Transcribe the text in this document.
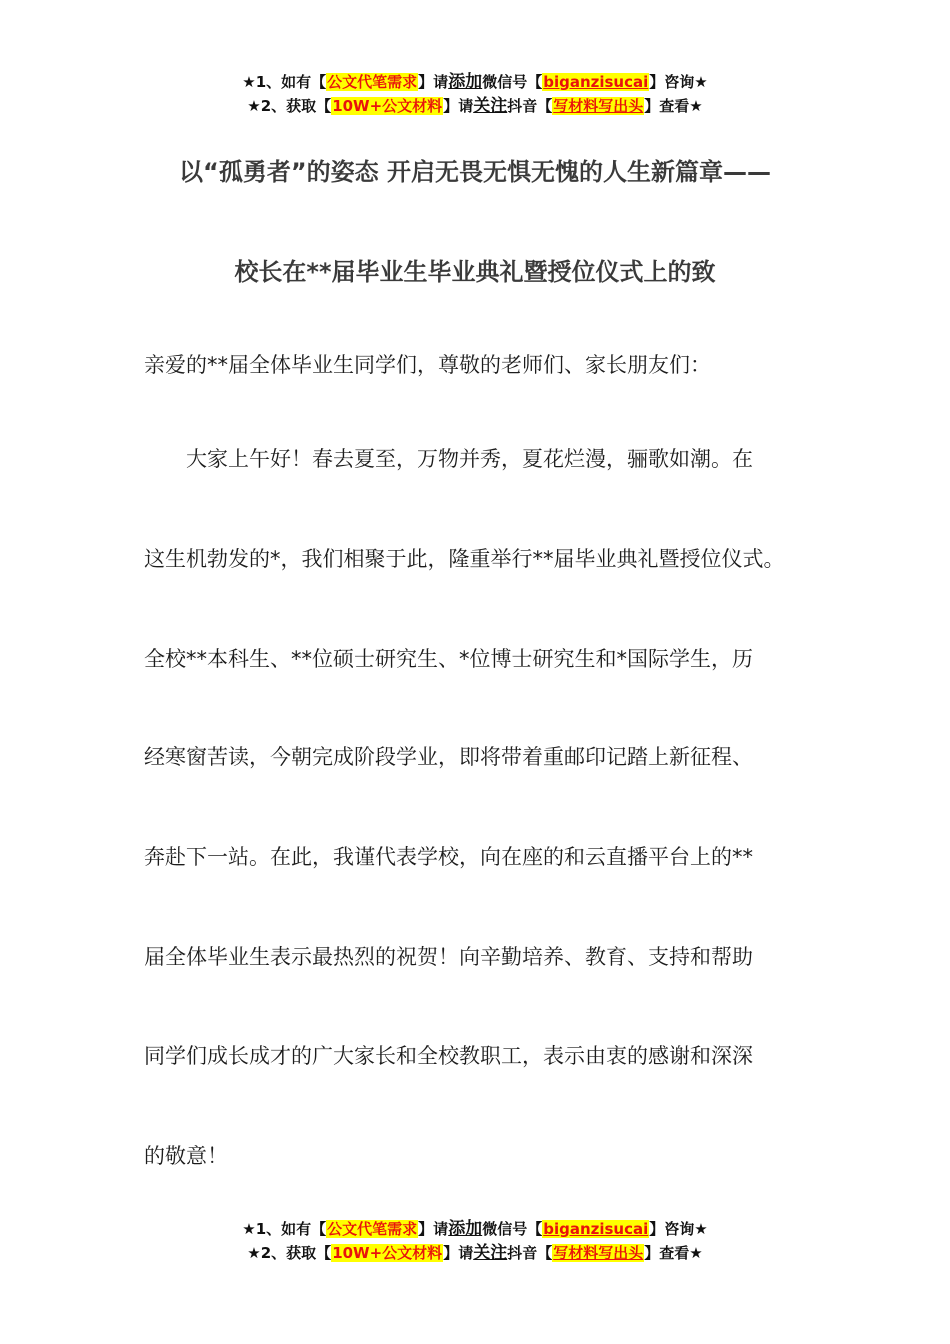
★1、如有【公文代笔需求】请添加微信号【biganzisucai】咨询★
★2、获取【10W+公文材料】请关注抖音【写材料写出头】查看★
以“孤勇者”的姿态 开启无畏无惧无愧的人生新篇章——
校长在**届毕业生毕业典礼暨授位仪式上的致
亲爱的**届全体毕业生同学们，尊敬的老师们、家长朋友们：
　　大家上午好！春去夏至，万物并秀，夏花烂漫，骊歌如潮。在
这生机勃发的*，我们相聚于此，隆重举行**届毕业典礼暨授位仪式。
全校**本科生、**位硕士研究生、*位博士研究生和*国际学生，历
经寒窗苦读，今朝完成阶段学业，即将带着重邮印记踏上新征程、
奔赴下一站。在此，我谨代表学校，向在座的和云直播平台上的**
届全体毕业生表示最热烈的祝贺！向辛勤培养、教育、支持和帮助
同学们成长成才的广大家长和全校教职工，表示由衷的感谢和深深
的敬意！
★1、如有【公文代笔需求】请添加微信号【biganzisucai】咨询★
★2、获取【10W+公文材料】请关注抖音【写材料写出头】查看★
